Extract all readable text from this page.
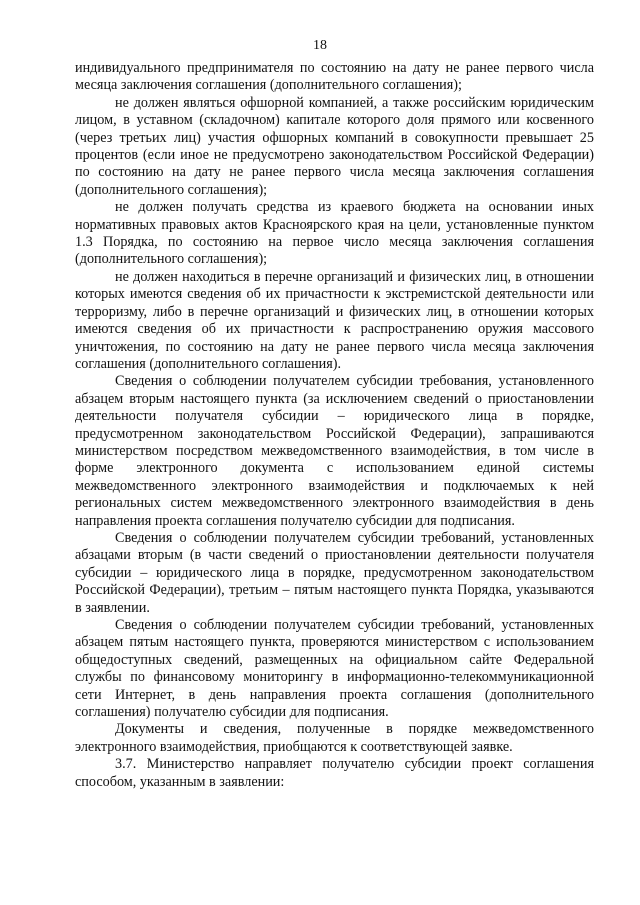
18

индивидуального предпринимателя по состоянию на дату не ранее первого числа месяца заключения соглашения (дополнительного соглашения);

не должен являться офшорной компанией, а также российским юридическим лицом, в уставном (складочном) капитале которого доля прямого или косвенного (через третьих лиц) участия офшорных компаний в совокупности превышает 25 процентов (если иное не предусмотрено законодательством Российской Федерации) по состоянию на дату не ранее первого числа месяца заключения соглашения (дополнительного соглашения);

не должен получать средства из краевого бюджета на основании иных нормативных правовых актов Красноярского края на цели, установленные пунктом 1.3 Порядка, по состоянию на первое число месяца заключения соглашения (дополнительного соглашения);

не должен находиться в перечне организаций и физических лиц, в отношении которых имеются сведения об их причастности к экстремистской деятельности или терроризму, либо в перечне организаций и физических лиц, в отношении которых имеются сведения об их причастности к распространению оружия массового уничтожения, по состоянию на дату не ранее первого числа месяца заключения соглашения (дополнительного соглашения).

Сведения о соблюдении получателем субсидии требования, установленного абзацем вторым настоящего пункта (за исключением сведений о приостановлении деятельности получателя субсидии – юридического лица в порядке, предусмотренном законодательством Российской Федерации), запрашиваются министерством посредством межведомственного взаимодействия, в том числе в форме электронного документа с использованием единой системы межведомственного электронного взаимодействия и подключаемых к ней региональных систем межведомственного электронного взаимодействия в день направления проекта соглашения получателю субсидии для подписания.

Сведения о соблюдении получателем субсидии требований, установленных абзацами вторым (в части сведений о приостановлении деятельности получателя субсидии – юридического лица в порядке, предусмотренном законодательством Российской Федерации), третьим – пятым настоящего пункта Порядка, указываются в заявлении.

Сведения о соблюдении получателем субсидии требований, установленных абзацем пятым настоящего пункта, проверяются министерством с использованием общедоступных сведений, размещенных на официальном сайте Федеральной службы по финансовому мониторингу в информационно-телекоммуникационной сети Интернет, в день направления проекта соглашения (дополнительного соглашения) получателю субсидии для подписания.

Документы и сведения, полученные в порядке межведомственного электронного взаимодействия, приобщаются к соответствующей заявке.

3.7. Министерство направляет получателю субсидии проект соглашения способом, указанным в заявлении:
